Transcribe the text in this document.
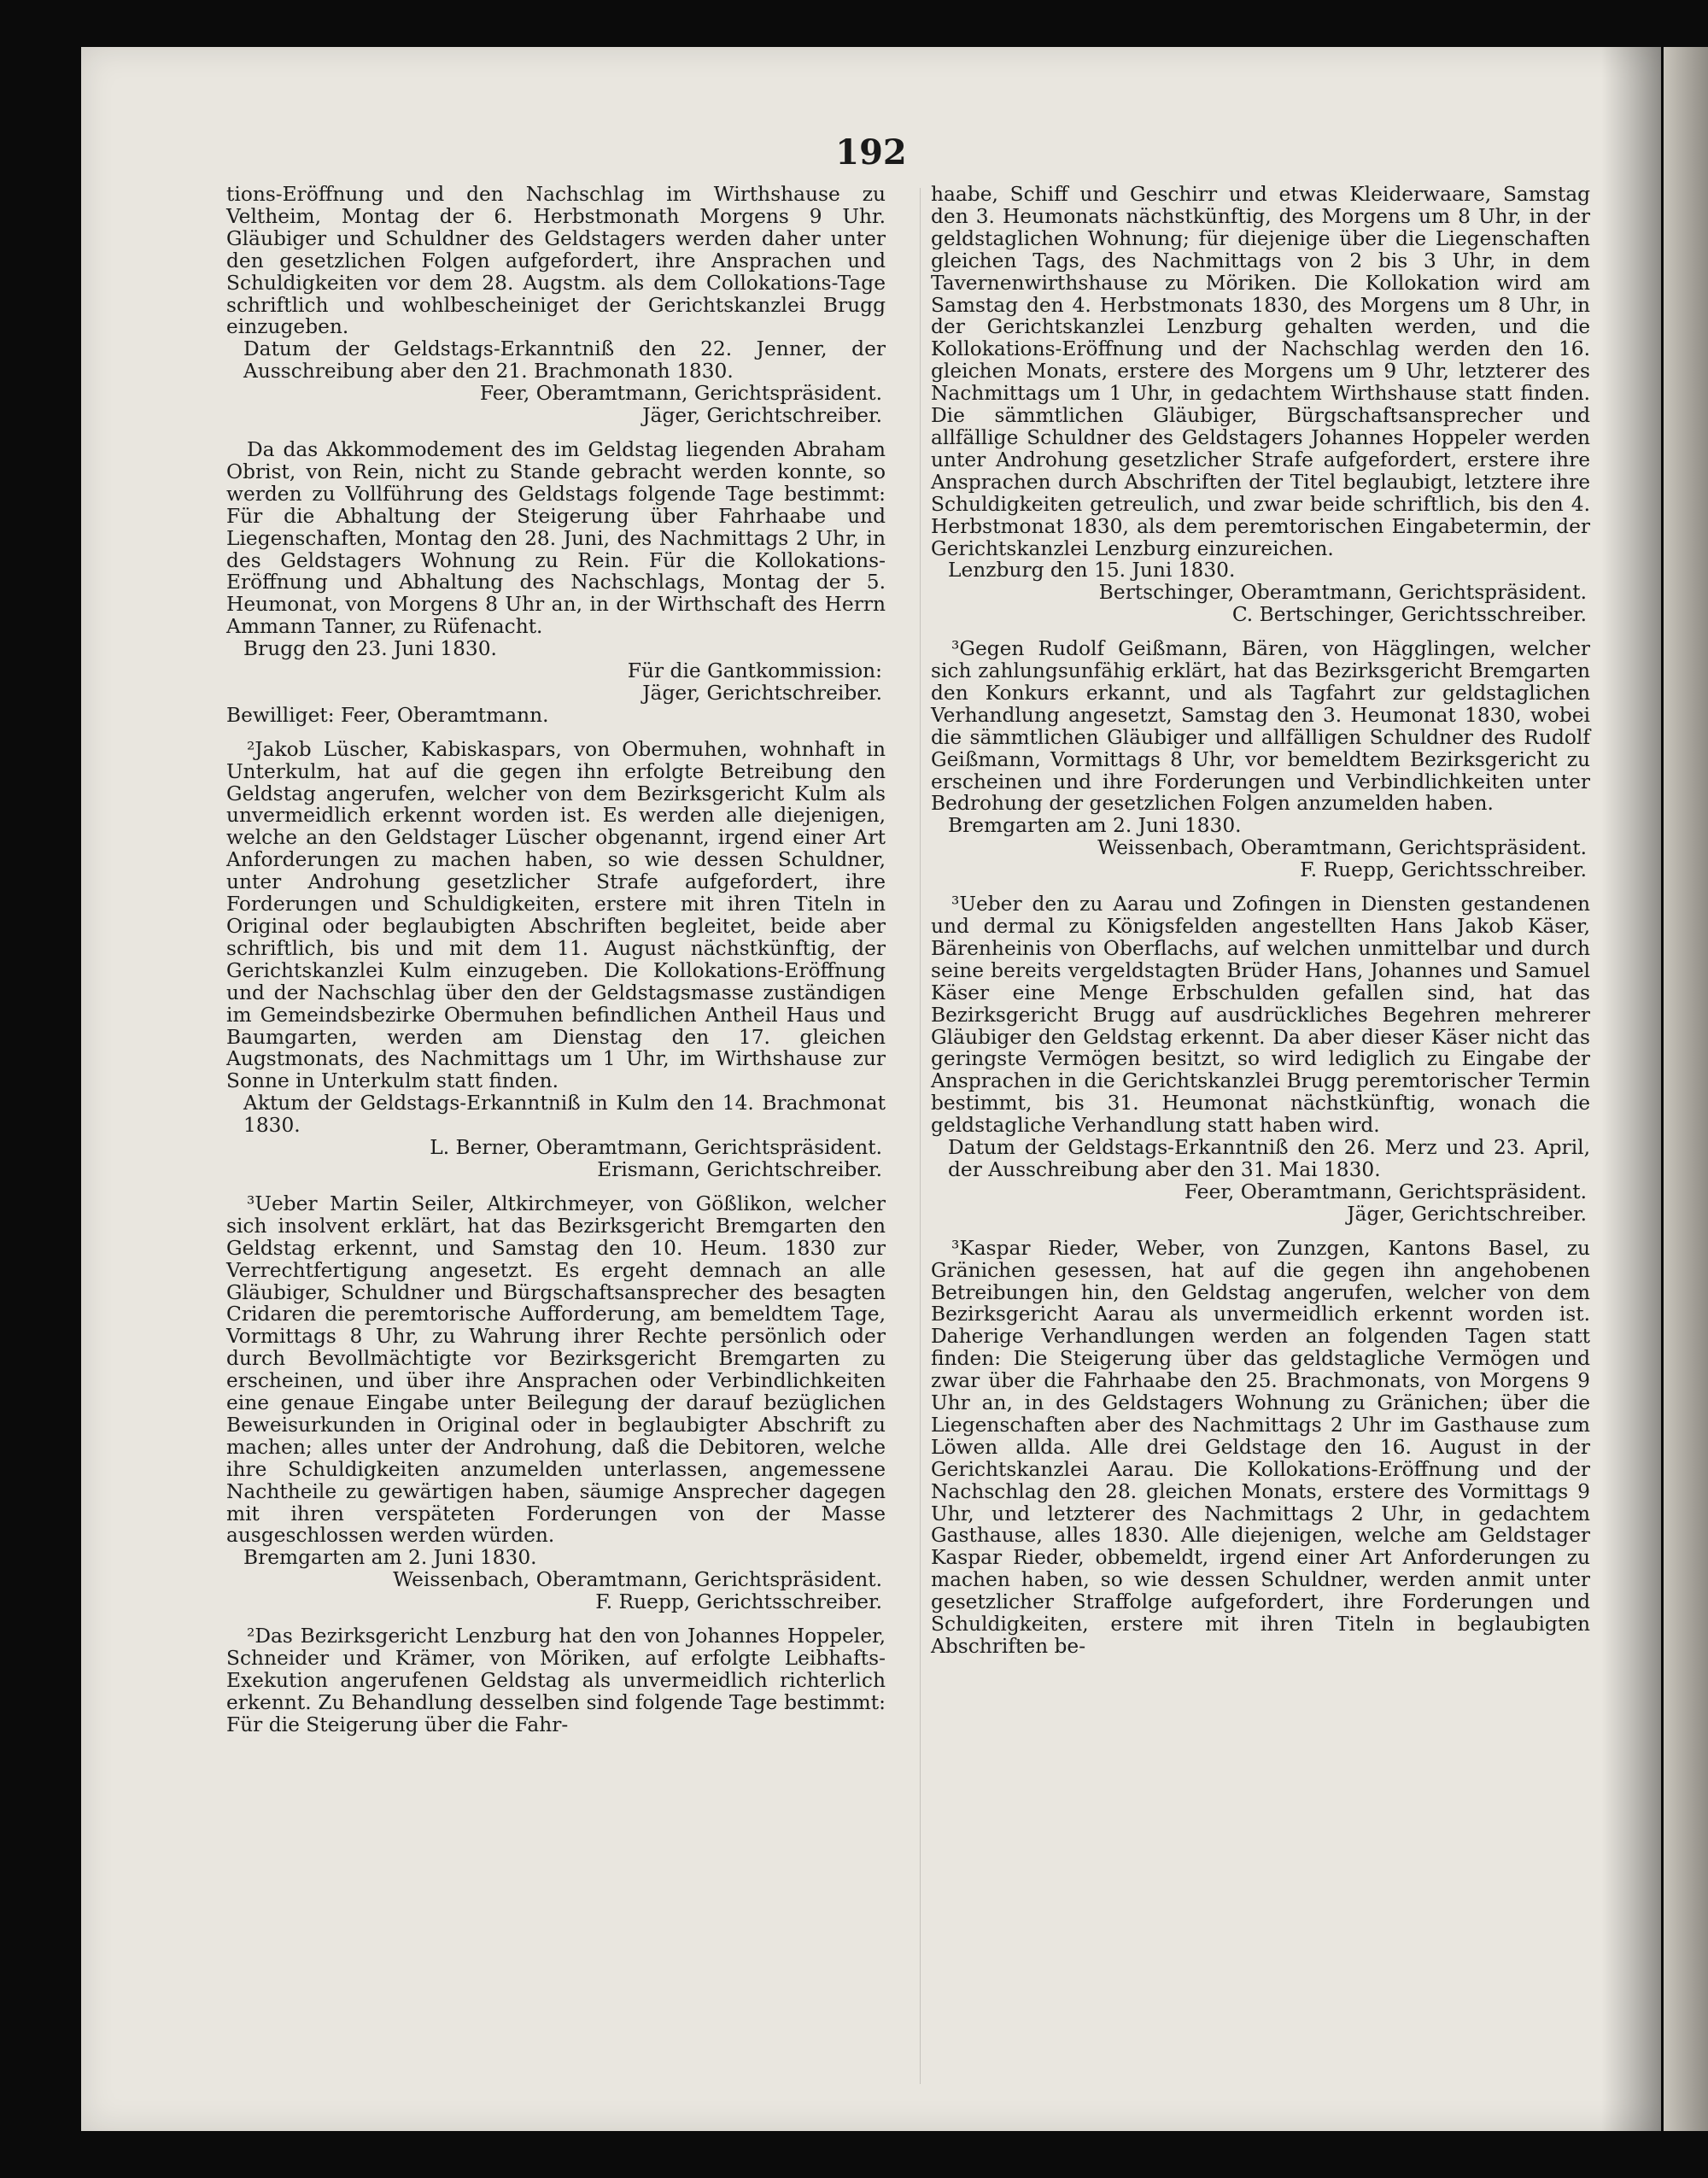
192

tions-Eröffnung und den Nachschlag im Wirthshause zu Veltheim, Montag der 6. Herbstmonath Morgens 9 Uhr. Gläubiger und Schuldner des Geldstagers werden daher unter den gesetzlichen Folgen aufgefordert, ihre Ansprachen und Schuldigkeiten vor dem 28. Augstm. als dem Collokations-Tage schriftlich und wohlbescheiniget der Gerichtskanzlei Brugg einzugeben.

Datum der Geldstags-Erkanntniß den 22. Jenner, der Ausschreibung aber den 21. Brachmonath 1830.

Feer, Oberamtmann, Gerichtspräsident.

Jäger, Gerichtschreiber.

Da das Akkommodement des im Geldstag liegenden Abraham Obrist, von Rein, nicht zu Stande gebracht werden konnte, so werden zu Vollführung des Geldstags folgende Tage bestimmt: Für die Abhaltung der Steigerung über Fahrhaabe und Liegenschaften, Montag den 28. Juni, des Nachmittags 2 Uhr, in des Geldstagers Wohnung zu Rein. Für die Kollokations-Eröffnung und Abhaltung des Nachschlags, Montag der 5. Heumonat, von Morgens 8 Uhr an, in der Wirthschaft des Herrn Ammann Tanner, zu Rüfenacht.

Brugg den 23. Juni 1830.

Für die Gantkommission:

Jäger, Gerichtschreiber.

Bewilliget: Feer, Oberamtmann.

²Jakob Lüscher, Kabiskaspars, von Obermuhen, wohnhaft in Unterkulm, hat auf die gegen ihn erfolgte Betreibung den Geldstag angerufen, welcher von dem Bezirksgericht Kulm als unvermeidlich erkennt worden ist. Es werden alle diejenigen, welche an den Geldstager Lüscher obgenannt, irgend einer Art Anforderungen zu machen haben, so wie dessen Schuldner, unter Androhung gesetzlicher Strafe aufgefordert, ihre Forderungen und Schuldigkeiten, erstere mit ihren Titeln in Original oder beglaubigten Abschriften begleitet, beide aber schriftlich, bis und mit dem 11. August nächstkünftig, der Gerichtskanzlei Kulm einzugeben. Die Kollokations-Eröffnung und der Nachschlag über den der Geldstagsmasse zuständigen im Gemeindsbezirke Obermuhen befindlichen Antheil Haus und Baumgarten, werden am Dienstag den 17. gleichen Augstmonats, des Nachmittags um 1 Uhr, im Wirthshause zur Sonne in Unterkulm statt finden.

Aktum der Geldstags-Erkanntniß in Kulm den 14. Brachmonat 1830.

L. Berner, Oberamtmann, Gerichtspräsident.

Erismann, Gerichtschreiber.

³Ueber Martin Seiler, Altkirchmeyer, von Gößlikon, welcher sich insolvent erklärt, hat das Bezirksgericht Bremgarten den Geldstag erkennt, und Samstag den 10. Heum. 1830 zur Verrechtfertigung angesetzt. Es ergeht demnach an alle Gläubiger, Schuldner und Bürgschaftsansprecher des besagten Cridaren die peremtorische Aufforderung, am bemeldtem Tage, Vormittags 8 Uhr, zu Wahrung ihrer Rechte persönlich oder durch Bevollmächtigte vor Bezirksgericht Bremgarten zu erscheinen, und über ihre Ansprachen oder Verbindlichkeiten eine genaue Eingabe unter Beilegung der darauf bezüglichen Beweisurkunden in Original oder in beglaubigter Abschrift zu machen; alles unter der Androhung, daß die Debitoren, welche ihre Schuldigkeiten anzumelden unterlassen, angemessene Nachtheile zu gewärtigen haben, säumige Ansprecher dagegen mit ihren verspäteten Forderungen von der Masse ausgeschlossen werden würden.

Bremgarten am 2. Juni 1830.

Weissenbach, Oberamtmann, Gerichtspräsident.

F. Ruepp, Gerichtsschreiber.

²Das Bezirksgericht Lenzburg hat den von Johannes Hoppeler, Schneider und Krämer, von Möriken, auf erfolgte Leibhafts-Exekution angerufenen Geldstag als unvermeidlich richterlich erkennt. Zu Behandlung desselben sind folgende Tage bestimmt: Für die Steigerung über die Fahr-

haabe, Schiff und Geschirr und etwas Kleiderwaare, Samstag den 3. Heumonats nächstkünftig, des Morgens um 8 Uhr, in der geldstaglichen Wohnung; für diejenige über die Liegenschaften gleichen Tags, des Nachmittags von 2 bis 3 Uhr, in dem Tavernenwirthshause zu Möriken. Die Kollokation wird am Samstag den 4. Herbstmonats 1830, des Morgens um 8 Uhr, in der Gerichtskanzlei Lenzburg gehalten werden, und die Kollokations-Eröffnung und der Nachschlag werden den 16. gleichen Monats, erstere des Morgens um 9 Uhr, letzterer des Nachmittags um 1 Uhr, in gedachtem Wirthshause statt finden. Die sämmtlichen Gläubiger, Bürgschaftsansprecher und allfällige Schuldner des Geldstagers Johannes Hoppeler werden unter Androhung gesetzlicher Strafe aufgefordert, erstere ihre Ansprachen durch Abschriften der Titel beglaubigt, letztere ihre Schuldigkeiten getreulich, und zwar beide schriftlich, bis den 4. Herbstmonat 1830, als dem peremtorischen Eingabetermin, der Gerichtskanzlei Lenzburg einzureichen.

Lenzburg den 15. Juni 1830.

Bertschinger, Oberamtmann, Gerichtspräsident.

C. Bertschinger, Gerichtsschreiber.

³Gegen Rudolf Geißmann, Bären, von Hägglingen, welcher sich zahlungsunfähig erklärt, hat das Bezirksgericht Bremgarten den Konkurs erkannt, und als Tagfahrt zur geldstaglichen Verhandlung angesetzt, Samstag den 3. Heumonat 1830, wobei die sämmtlichen Gläubiger und allfälligen Schuldner des Rudolf Geißmann, Vormittags 8 Uhr, vor bemeldtem Bezirksgericht zu erscheinen und ihre Forderungen und Verbindlichkeiten unter Bedrohung der gesetzlichen Folgen anzumelden haben.

Bremgarten am 2. Juni 1830.

Weissenbach, Oberamtmann, Gerichtspräsident.

F. Ruepp, Gerichtsschreiber.

³Ueber den zu Aarau und Zofingen in Diensten gestandenen und dermal zu Königsfelden angestellten Hans Jakob Käser, Bärenheinis von Oberflachs, auf welchen unmittelbar und durch seine bereits vergeldstagten Brüder Hans, Johannes und Samuel Käser eine Menge Erbschulden gefallen sind, hat das Bezirksgericht Brugg auf ausdrückliches Begehren mehrerer Gläubiger den Geldstag erkennt. Da aber dieser Käser nicht das geringste Vermögen besitzt, so wird lediglich zu Eingabe der Ansprachen in die Gerichtskanzlei Brugg peremtorischer Termin bestimmt, bis 31. Heumonat nächstkünftig, wonach die geldstagliche Verhandlung statt haben wird.

Datum der Geldstags-Erkanntniß den 26. Merz und 23. April, der Ausschreibung aber den 31. Mai 1830.

Feer, Oberamtmann, Gerichtspräsident.

Jäger, Gerichtschreiber.

³Kaspar Rieder, Weber, von Zunzgen, Kantons Basel, zu Gränichen gesessen, hat auf die gegen ihn angehobenen Betreibungen hin, den Geldstag angerufen, welcher von dem Bezirksgericht Aarau als unvermeidlich erkennt worden ist. Daherige Verhandlungen werden an folgenden Tagen statt finden: Die Steigerung über das geldstagliche Vermögen und zwar über die Fahrhaabe den 25. Brachmonats, von Morgens 9 Uhr an, in des Geldstagers Wohnung zu Gränichen; über die Liegenschaften aber des Nachmittags 2 Uhr im Gasthause zum Löwen allda. Alle drei Geldstage den 16. August in der Gerichtskanzlei Aarau. Die Kollokations-Eröffnung und der Nachschlag den 28. gleichen Monats, erstere des Vormittags 9 Uhr, und letzterer des Nachmittags 2 Uhr, in gedachtem Gasthause, alles 1830. Alle diejenigen, welche am Geldstager Kaspar Rieder, obbemeldt, irgend einer Art Anforderungen zu machen haben, so wie dessen Schuldner, werden anmit unter gesetzlicher Straffolge aufgefordert, ihre Forderungen und Schuldigkeiten, erstere mit ihren Titeln in beglaubigten Abschriften be-
